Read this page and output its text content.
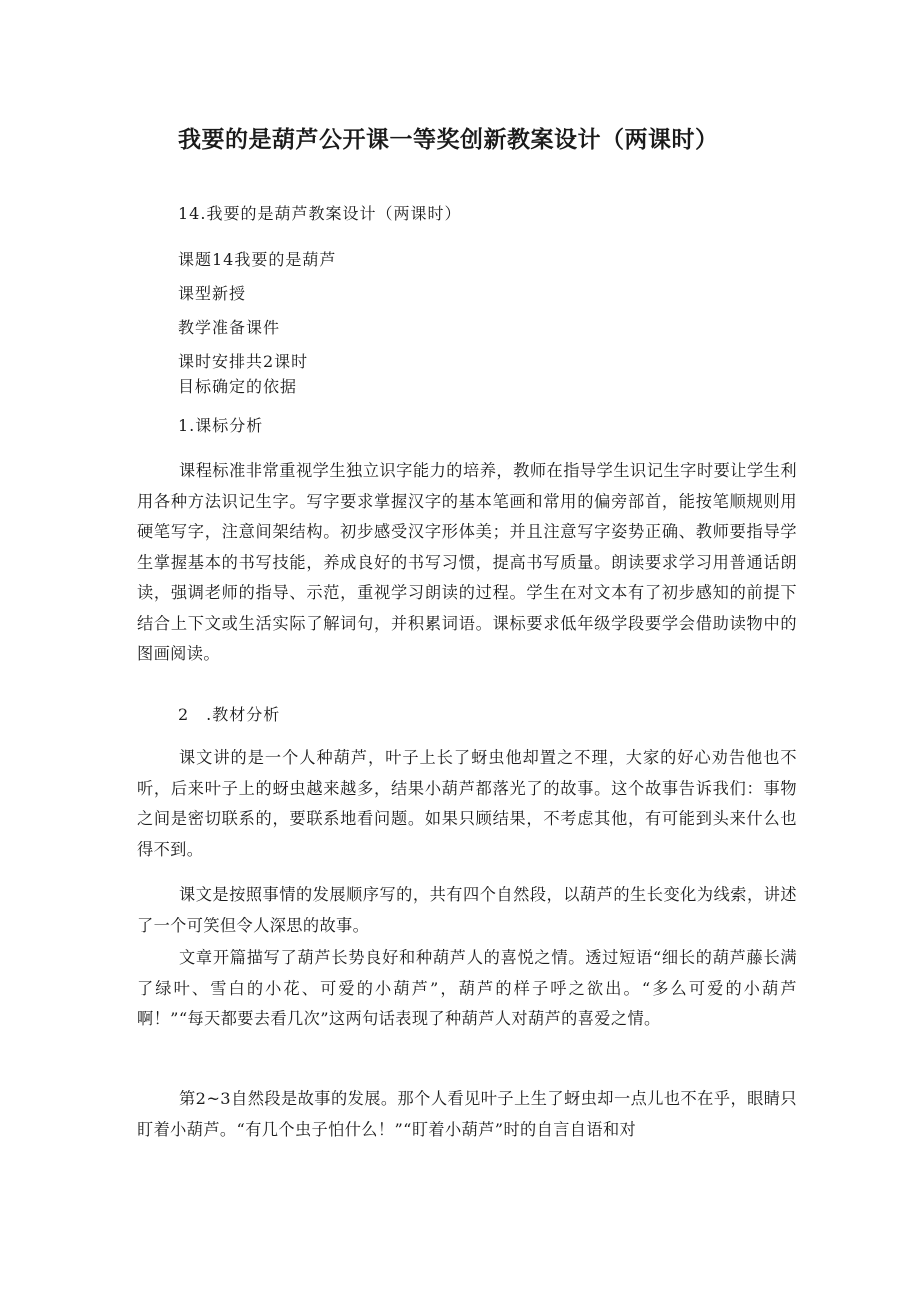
我要的是葫芦公开课一等奖创新教案设计（两课时）
14.我要的是葫芦教案设计（两课时）
课题14我要的是葫芦
课型新授
教学准备课件
课时安排共2课时
目标确定的依据
1.课标分析
课程标准非常重视学生独立识字能力的培养，教师在指导学生识记生字时要让学生利用各种方法识记生字。写字要求掌握汉字的基本笔画和常用的偏旁部首，能按笔顺规则用硬笔写字，注意间架结构。初步感受汉字形体美；并且注意写字姿势正确、教师要指导学生掌握基本的书写技能，养成良好的书写习惯，提高书写质量。朗读要求学习用普通话朗读，强调老师的指导、示范，重视学习朗读的过程。学生在对文本有了初步感知的前提下结合上下文或生活实际了解词句，并积累词语。课标要求低年级学段要学会借助读物中的图画阅读。
2　.教材分析
课文讲的是一个人种葫芦，叶子上长了蚜虫他却置之不理，大家的好心劝告他也不听，后来叶子上的蚜虫越来越多，结果小葫芦都落光了的故事。这个故事告诉我们：事物之间是密切联系的，要联系地看问题。如果只顾结果，不考虑其他，有可能到头来什么也得不到。
课文是按照事情的发展顺序写的，共有四个自然段，以葫芦的生长变化为线索，讲述了一个可笑但令人深思的故事。
文章开篇描写了葫芦长势良好和种葫芦人的喜悦之情。透过短语“细长的葫芦藤长满了绿叶、雪白的小花、可爱的小葫芦”，葫芦的样子呼之欲出。“多么可爱的小葫芦啊！”“每天都要去看几次”这两句话表现了种葫芦人对葫芦的喜爱之情。
第2~3自然段是故事的发展。那个人看见叶子上生了蚜虫却一点儿也不在乎，眼睛只盯着小葫芦。“有几个虫子怕什么！”“盯着小葫芦”时的自言自语和对
